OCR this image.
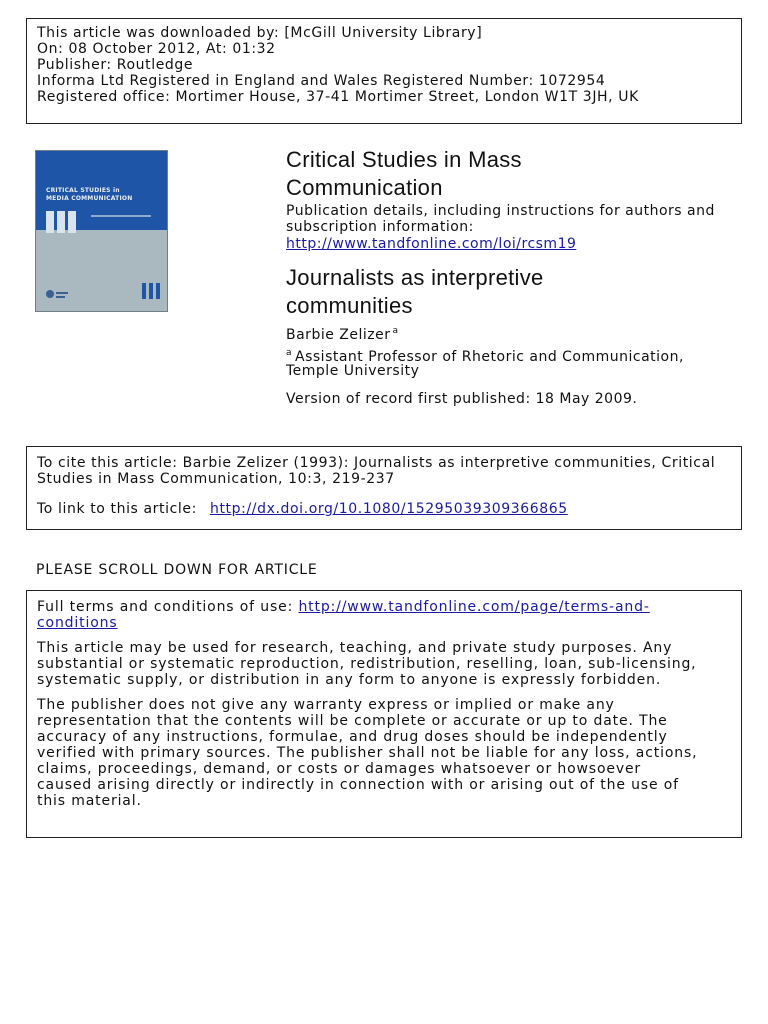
This article was downloaded by: [McGill University Library]
On: 08 October 2012, At: 01:32
Publisher: Routledge
Informa Ltd Registered in England and Wales Registered Number: 1072954
Registered office: Mortimer House, 37-41 Mortimer Street, London W1T 3JH, UK
CRITICAL STUDIES in
MEDIA COMMUNICATION
Critical Studies in Mass
Communication
Publication details, including instructions for authors and
subscription information:
http://www.tandfonline.com/loi/rcsm19
Journalists as interpretive
communities
Barbie Zelizer $^a$
$^a$ Assistant Professor of Rhetoric and Communication,
Temple University
Version of record first published: 18 May 2009.
To cite this article: Barbie Zelizer (1993): Journalists as interpretive communities, Critical
Studies in Mass Communication, 10:3, 219-237
To link to this article: http://dx.doi.org/10.1080/15295039309366865
PLEASE SCROLL DOWN FOR ARTICLE
Full terms and conditions of use: http://www.tandfonline.com/page/terms-and-
conditions
This article may be used for research, teaching, and private study purposes. Any
substantial or systematic reproduction, redistribution, reselling, loan, sub-licensing,
systematic supply, or distribution in any form to anyone is expressly forbidden.
The publisher does not give any warranty express or implied or make any
representation that the contents will be complete or accurate or up to date. The
accuracy of any instructions, formulae, and drug doses should be independently
verified with primary sources. The publisher shall not be liable for any loss, actions,
claims, proceedings, demand, or costs or damages whatsoever or howsoever
caused arising directly or indirectly in connection with or arising out of the use of
this material.
